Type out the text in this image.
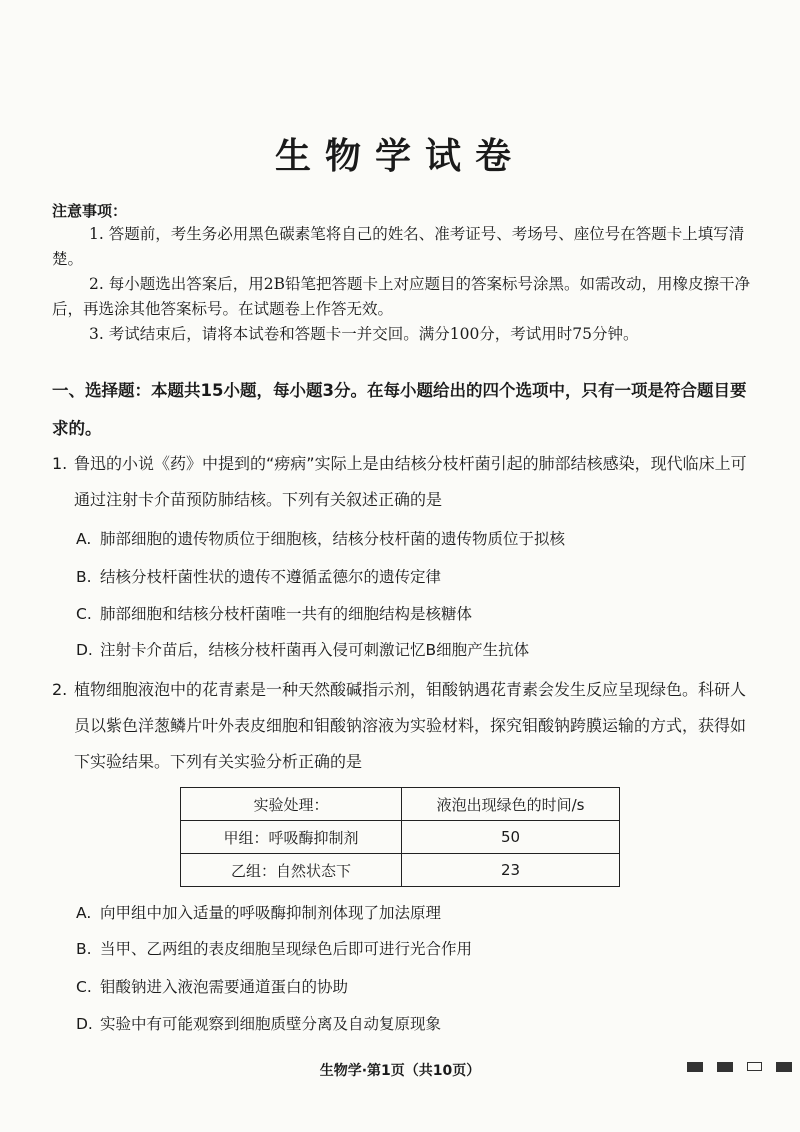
生物学试卷
注意事项：
1. 答题前，考生务必用黑色碳素笔将自己的姓名、准考证号、考场号、座位号在答题卡上填写清楚。
2. 每小题选出答案后，用2B铅笔把答题卡上对应题目的答案标号涂黑。如需改动，用橡皮擦干净后，再选涂其他答案标号。在试题卷上作答无效。
3. 考试结束后，请将本试卷和答题卡一并交回。满分100分，考试用时75分钟。
一、选择题：本题共15小题，每小题3分。在每小题给出的四个选项中，只有一项是符合题目要求的。
1. 鲁迅的小说《药》中提到的“痨病”实际上是由结核分枝杆菌引起的肺部结核感染，现代临床上可通过注射卡介苗预防肺结核。下列有关叙述正确的是
A. 肺部细胞的遗传物质位于细胞核，结核分枝杆菌的遗传物质位于拟核
B. 结核分枝杆菌性状的遗传不遵循孟德尔的遗传定律
C. 肺部细胞和结核分枝杆菌唯一共有的细胞结构是核糖体
D. 注射卡介苗后，结核分枝杆菌再入侵可刺激记忆B细胞产生抗体
2. 植物细胞液泡中的花青素是一种天然酸碱指示剂，钼酸钠遇花青素会发生反应呈现绿色。科研人员以紫色洋葱鳞片叶外表皮细胞和钼酸钠溶液为实验材料，探究钼酸钠跨膜运输的方式，获得如下实验结果。下列有关实验分析正确的是
实验处理：	液泡出现绿色的时间/s
甲组：呼吸酶抑制剂	50
乙组：自然状态下	23
A. 向甲组中加入适量的呼吸酶抑制剂体现了加法原理
B. 当甲、乙两组的表皮细胞呈现绿色后即可进行光合作用
C. 钼酸钠进入液泡需要通道蛋白的协助
D. 实验中有可能观察到细胞质壁分离及自动复原现象
生物学·第1页（共10页）
